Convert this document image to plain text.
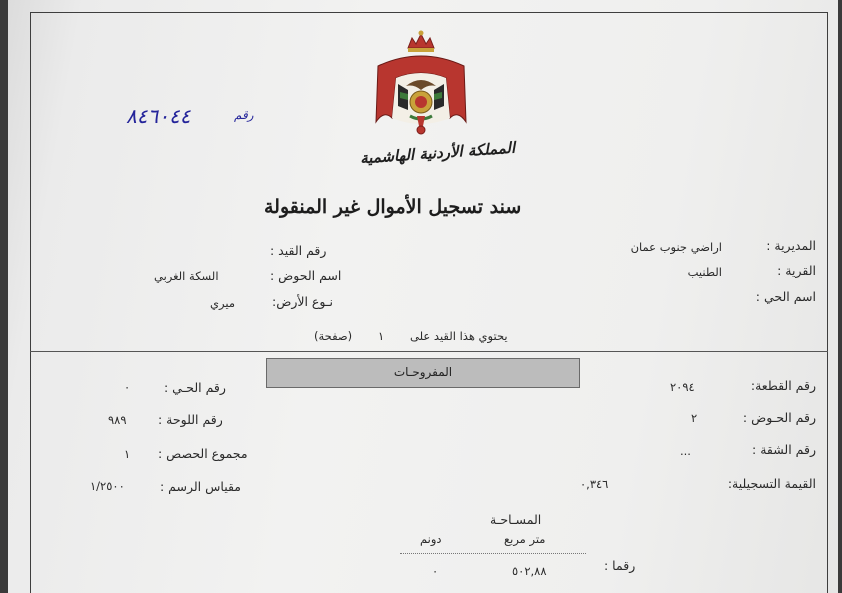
المملكة الأردنية الهاشمية
رقم
٨٤٦٠٤٤
سند تسجيل الأموال غير المنقولة
المديرية :
اراضي جنوب عمان
القرية :
الطنيب
اسم الحي :
رقم القيد :
اسم الحوض :
السكة الغربي
نـوع الأرض:
ميري
يحتوي هذا القيد على
١
(صفحة)
المفروحـات
رقم القطعة:
٢٠٩٤
رقم الحـوض :
٢
رقم الشقة :
...
القيمة التسجيلية:
٠,٣٤٦
رقم الحـي :
٠
رقم اللوحة :
٩٨٩
مجموع الحصص :
١
مقياس الرسم :
١/٢٥٠٠
المسـاحـة
متر مربع
دونم
رقما :
٥٠٢,٨٨
٠
